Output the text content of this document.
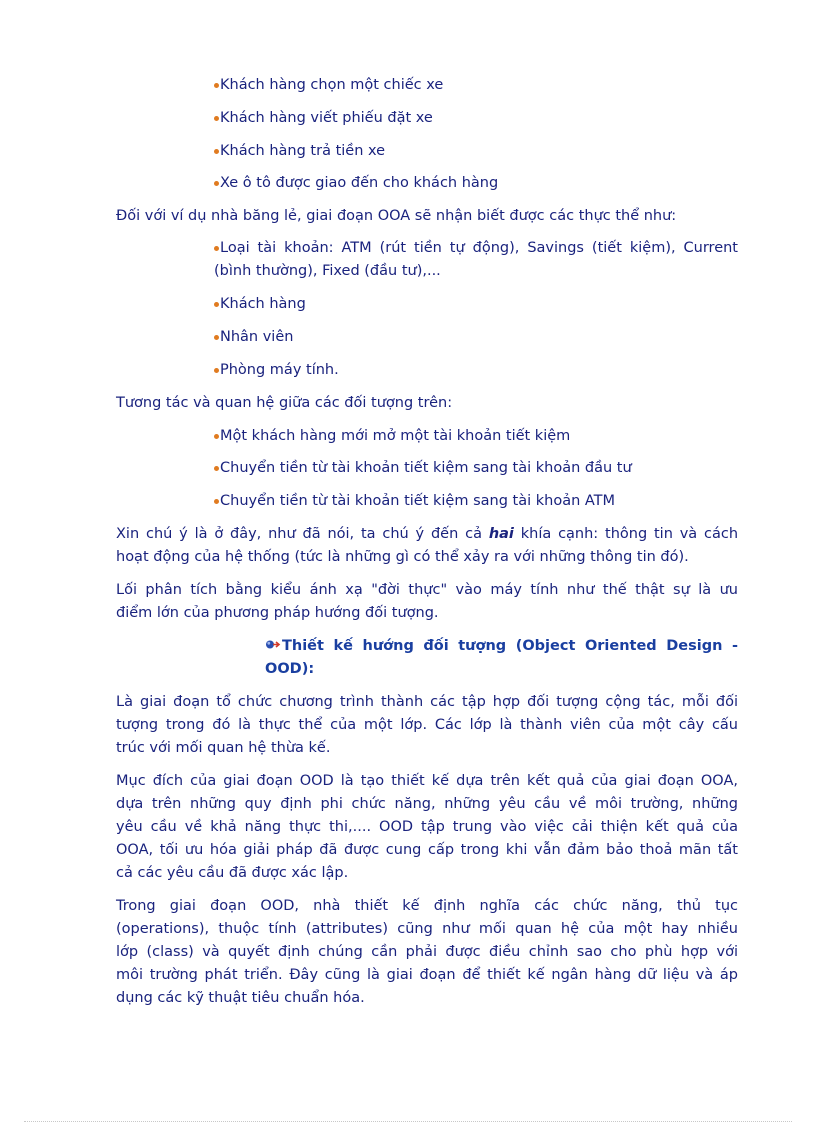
Khách hàng chọn một chiếc xe
Khách hàng viết phiếu đặt xe
Khách hàng trả tiền xe
Xe ô tô được giao đến cho khách hàng
Đối với ví dụ nhà băng lẻ, giai đoạn OOA sẽ nhận biết được các thực thể như:
Loại tài khoản: ATM (rút tiền tự động), Savings (tiết kiệm), Current
(bình thường), Fixed (đầu tư),...
Khách hàng
Nhân viên
Phòng máy tính.
Tương tác và quan hệ giữa các đối tượng trên:
Một khách hàng mới mở một tài khoản tiết kiệm
Chuyển tiền từ tài khoản tiết kiệm sang tài khoản đầu tư
Chuyển tiền từ tài khoản tiết kiệm sang tài khoản ATM
Xin chú ý là ở đây, như đã nói, ta chú ý đến cả hai khía cạnh: thông tin và cách
hoạt động của hệ thống (tức là những gì có thể xảy ra với những thông tin đó).
Lối phân tích bằng kiểu ánh xạ "đời thực" vào máy tính như thế thật sự là ưu
điểm lớn của phương pháp hướng đối tượng.
Thiết kế hướng đối tượng (Object Oriented Design -
OOD):
Là giai đoạn tổ chức chương trình thành các tập hợp đối tượng cộng tác, mỗi đối
tượng trong đó là thực thể của một lớp. Các lớp là thành viên của một cây cấu
trúc với mối quan hệ thừa kế.
Mục đích của giai đoạn OOD là tạo thiết kế dựa trên kết quả của giai đoạn OOA,
dựa trên những quy định phi chức năng, những yêu cầu về môi trường, những
yêu cầu về khả năng thực thi,.... OOD tập trung vào việc cải thiện kết quả của
OOA, tối ưu hóa giải pháp đã được cung cấp trong khi vẫn đảm bảo thoả mãn tất
cả các yêu cầu đã được xác lập.
Trong giai đoạn OOD, nhà thiết kế định nghĩa các chức năng, thủ tục
(operations), thuộc tính (attributes) cũng như mối quan hệ của một hay nhiều
lớp (class) và quyết định chúng cần phải được điều chỉnh sao cho phù hợp với
môi trường phát triển. Đây cũng là giai đoạn để thiết kế ngân hàng dữ liệu và áp
dụng các kỹ thuật tiêu chuẩn hóa.
